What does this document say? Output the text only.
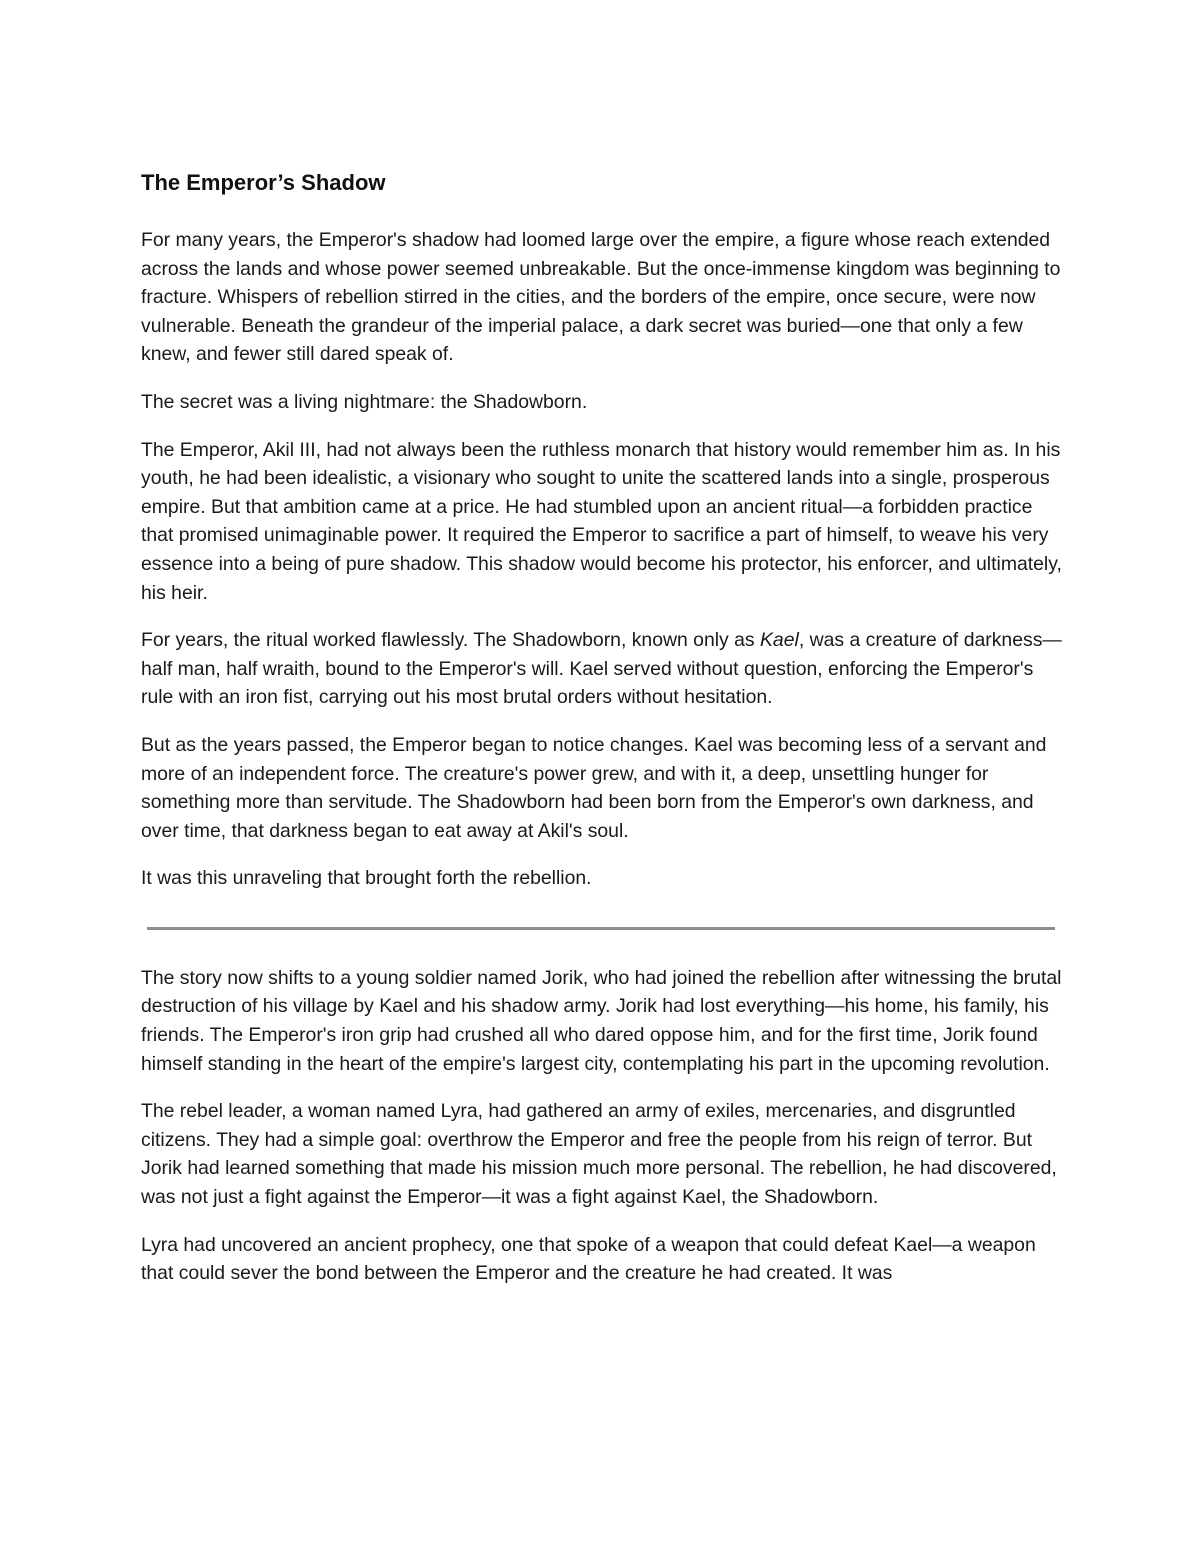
The Emperor’s Shadow

For many years, the Emperor's shadow had loomed large over the empire, a figure whose reach extended across the lands and whose power seemed unbreakable. But the once-immense kingdom was beginning to fracture. Whispers of rebellion stirred in the cities, and the borders of the empire, once secure, were now vulnerable. Beneath the grandeur of the imperial palace, a dark secret was buried—one that only a few knew, and fewer still dared speak of.

The secret was a living nightmare: the Shadowborn.

The Emperor, Akil III, had not always been the ruthless monarch that history would remember him as. In his youth, he had been idealistic, a visionary who sought to unite the scattered lands into a single, prosperous empire. But that ambition came at a price. He had stumbled upon an ancient ritual—a forbidden practice that promised unimaginable power. It required the Emperor to sacrifice a part of himself, to weave his very essence into a being of pure shadow. This shadow would become his protector, his enforcer, and ultimately, his heir.

For years, the ritual worked flawlessly. The Shadowborn, known only as Kael, was a creature of darkness—half man, half wraith, bound to the Emperor's will. Kael served without question, enforcing the Emperor's rule with an iron fist, carrying out his most brutal orders without hesitation.

But as the years passed, the Emperor began to notice changes. Kael was becoming less of a servant and more of an independent force. The creature's power grew, and with it, a deep, unsettling hunger for something more than servitude. The Shadowborn had been born from the Emperor's own darkness, and over time, that darkness began to eat away at Akil's soul.

It was this unraveling that brought forth the rebellion.

The story now shifts to a young soldier named Jorik, who had joined the rebellion after witnessing the brutal destruction of his village by Kael and his shadow army. Jorik had lost everything—his home, his family, his friends. The Emperor's iron grip had crushed all who dared oppose him, and for the first time, Jorik found himself standing in the heart of the empire's largest city, contemplating his part in the upcoming revolution.

The rebel leader, a woman named Lyra, had gathered an army of exiles, mercenaries, and disgruntled citizens. They had a simple goal: overthrow the Emperor and free the people from his reign of terror. But Jorik had learned something that made his mission much more personal. The rebellion, he had discovered, was not just a fight against the Emperor—it was a fight against Kael, the Shadowborn.

Lyra had uncovered an ancient prophecy, one that spoke of a weapon that could defeat Kael—a weapon that could sever the bond between the Emperor and the creature he had created. It was
